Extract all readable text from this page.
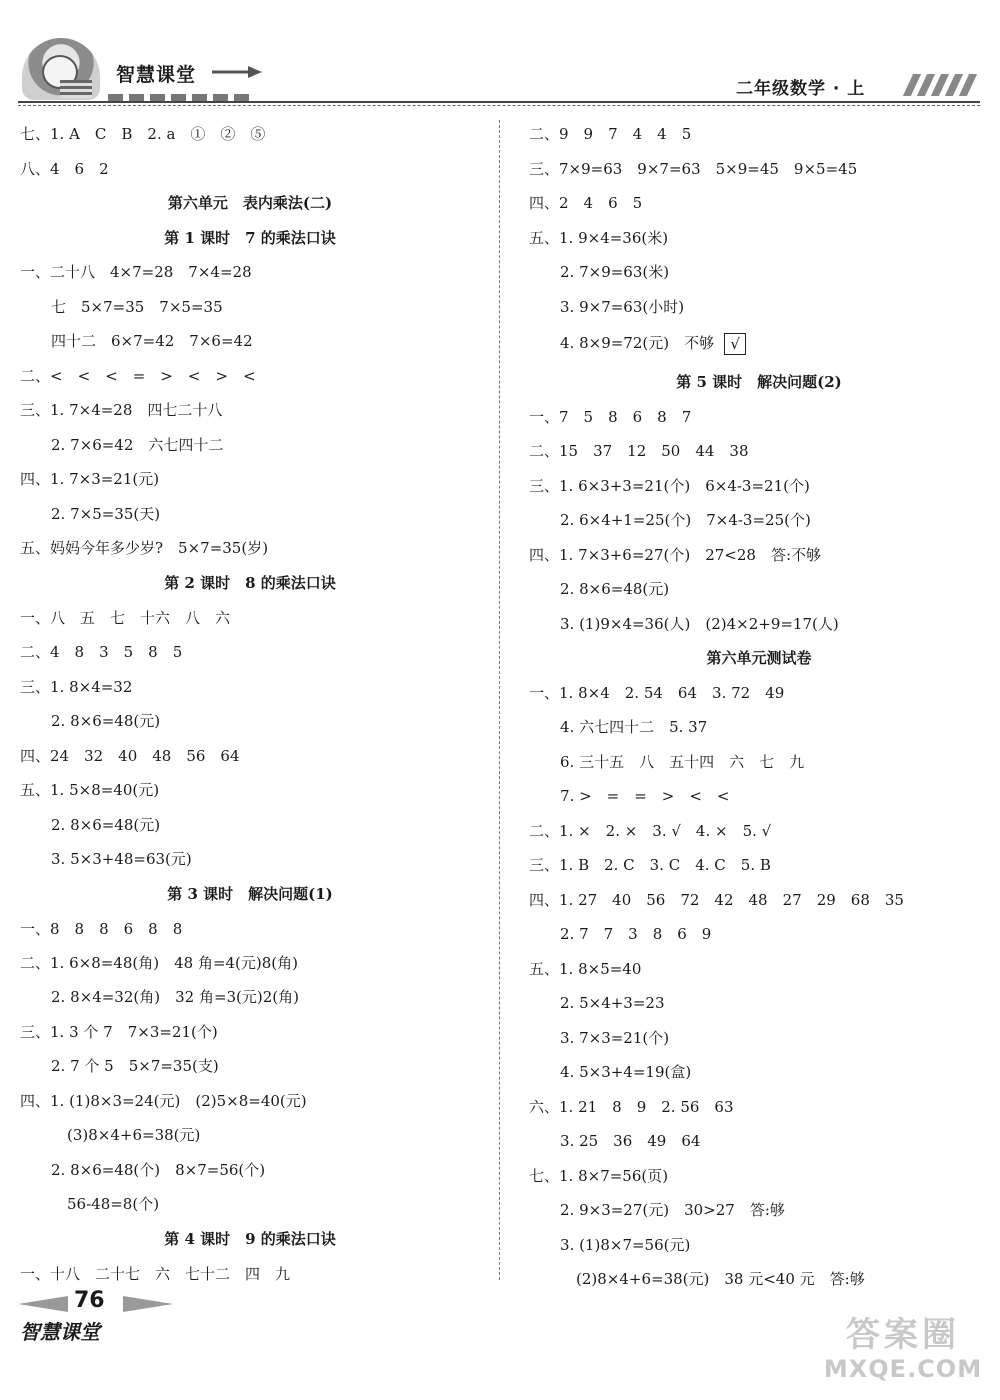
智慧课堂
二年级数学 · 上
七、1. A　C　B　2. a　①　②　⑤
八、4　6　2
第六单元　表内乘法(二)
第 1 课时　7 的乘法口诀
一、二十八　4×7=28　7×4=28
七　5×7=35　7×5=35
四十二　6×7=42　7×6=42
二、<　<　<　=　>　<　>　<
三、1. 7×4=28　四七二十八
2. 7×6=42　六七四十二
四、1. 7×3=21(元)
2. 7×5=35(天)
五、妈妈今年多少岁?　5×7=35(岁)
第 2 课时　8 的乘法口诀
一、八　五　七　十六　八　六
二、4　8　3　5　8　5
三、1. 8×4=32
2. 8×6=48(元)
四、24　32　40　48　56　64
五、1. 5×8=40(元)
2. 8×6=48(元)
3. 5×3+48=63(元)
第 3 课时　解决问题(1)
一、8　8　8　6　8　8
二、1. 6×8=48(角)　48 角=4(元)8(角)
2. 8×4=32(角)　32 角=3(元)2(角)
三、1. 3 个 7　7×3=21(个)
2. 7 个 5　5×7=35(支)
四、1. (1)8×3=24(元)　(2)5×8=40(元)
(3)8×4+6=38(元)
2. 8×6=48(个)　8×7=56(个)
56-48=8(个)
第 4 课时　9 的乘法口诀
一、十八　二十七　六　七十二　四　九
二、9　9　7　4　4　5
三、7×9=63　9×7=63　5×9=45　9×5=45
四、2　4　6　5
五、1. 9×4=36(米)
2. 7×9=63(米)
3. 9×7=63(小时)
4. 8×9=72(元)　不够 √
第 5 课时　解决问题(2)
一、7　5　8　6　8　7
二、15　37　12　50　44　38
三、1. 6×3+3=21(个)　6×4-3=21(个)
2. 6×4+1=25(个)　7×4-3=25(个)
四、1. 7×3+6=27(个)　27<28　答:不够
2. 8×6=48(元)
3. (1)9×4=36(人)　(2)4×2+9=17(人)
第六单元测试卷
一、1. 8×4　2. 54　64　3. 72　49
4. 六七四十二　5. 37
6. 三十五　八　五十四　六　七　九
7. >　=　=　>　<　<
二、1. ×　2. ×　3. √　4. ×　5. √
三、1. B　2. C　3. C　4. C　5. B
四、1. 27　40　56　72　42　48　27　29　68　35
2. 7　7　3　8　6　9
五、1. 8×5=40
2. 5×4+3=23
3. 7×3=21(个)
4. 5×3+4=19(盒)
六、1. 21　8　9　2. 56　63
3. 25　36　49　64
七、1. 8×7=56(页)
2. 9×3=27(元)　30>27　答:够
3. (1)8×7=56(元)
(2)8×4+6=38(元)　38 元<40 元　答:够
76
智慧课堂	答案圈
MXQE.COM
